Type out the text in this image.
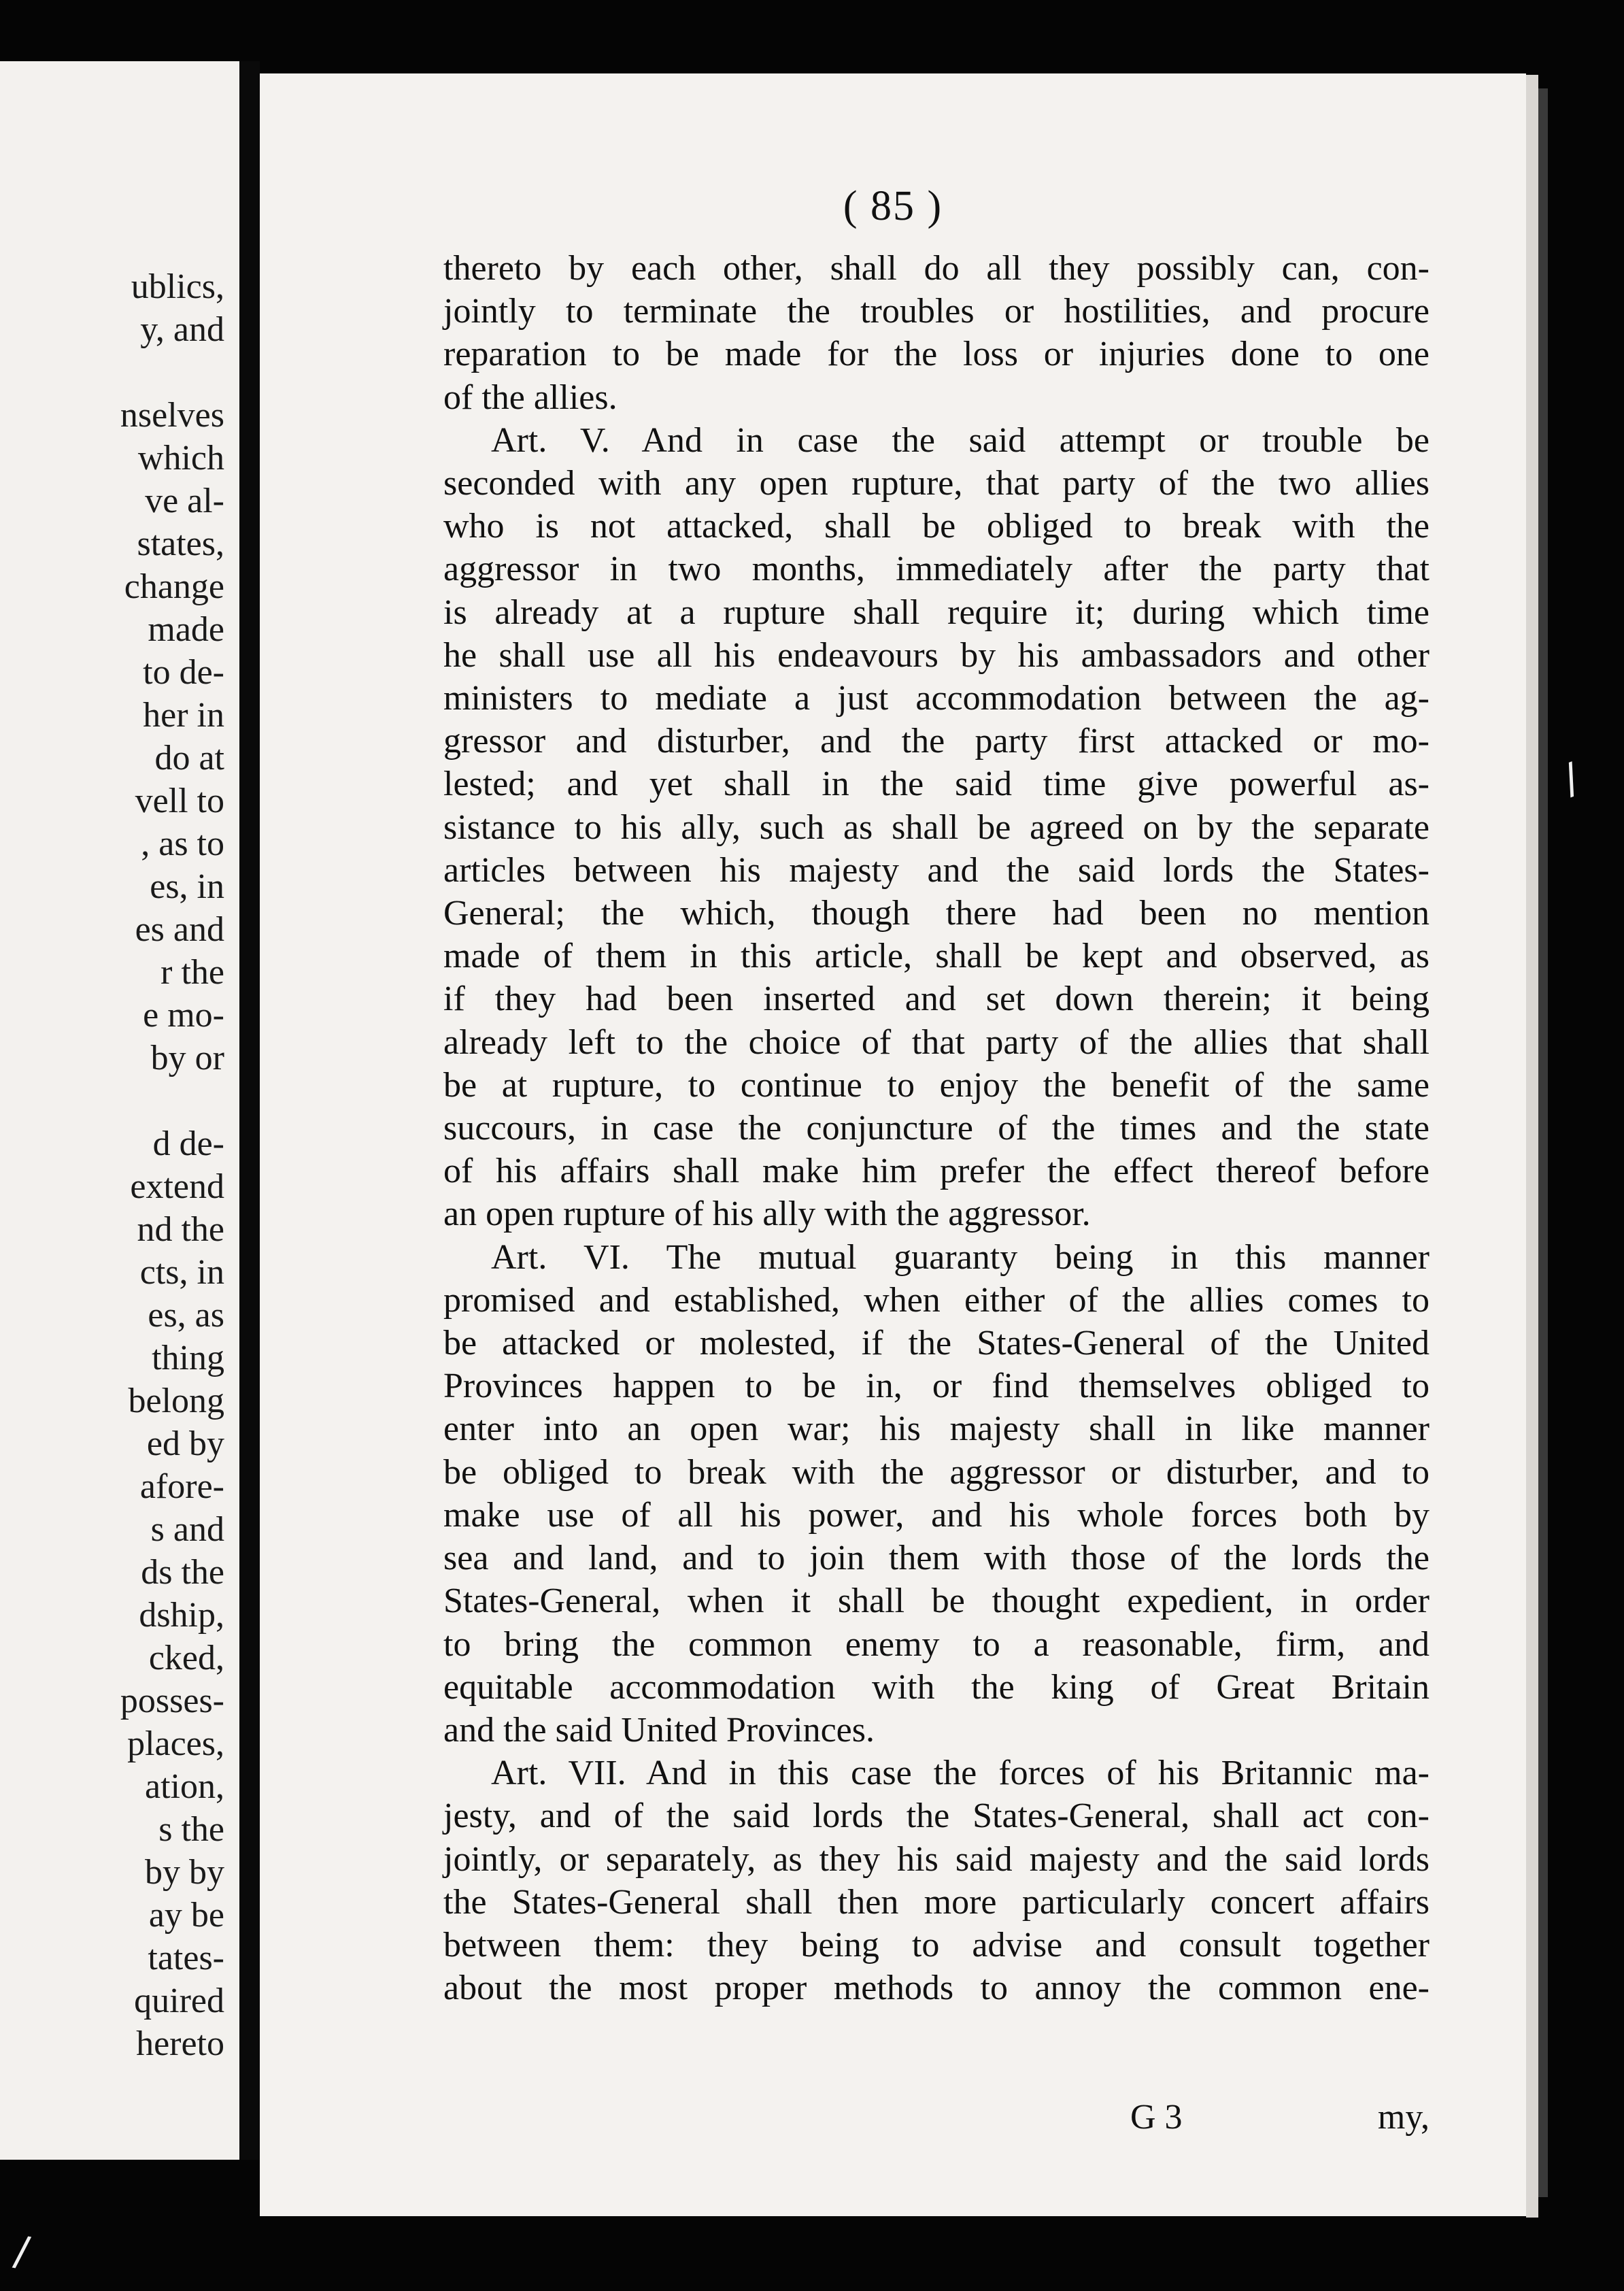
ublics,
y, and
nselves
which
ve al-
states,
change
made
to de-
her in
do at
vell to
, as to
es, in
es and
r the
e mo-
by or
d de-
extend
nd the
cts, in
es, as
thing
belong
ed by
afore-
s and
ds the
dship,
cked,
posses-
places,
ation,
s the
by by
ay be
tates-
quired
hereto
( 85 )
thereto by each other, shall do all they possibly can, con-
jointly to terminate the troubles or hostilities, and procure
reparation to be made for the loss or injuries done to one
of the allies.
Art. V. And in case the said attempt or trouble be
seconded with any open rupture, that party of the two allies
who is not attacked, shall be obliged to break with the
aggressor in two months, immediately after the party that
is already at a rupture shall require it; during which time
he shall use all his endeavours by his ambassadors and other
ministers to mediate a just accommodation between the ag-
gressor and disturber, and the party first attacked or mo-
lested; and yet shall in the said time give powerful as-
sistance to his ally, such as shall be agreed on by the separate
articles between his majesty and the said lords the States-
General; the which, though there had been no mention
made of them in this article, shall be kept and observed, as
if they had been inserted and set down therein; it being
already left to the choice of that party of the allies that shall
be at rupture, to continue to enjoy the benefit of the same
succours, in case the conjuncture of the times and the state
of his affairs shall make him prefer the effect thereof before
an open rupture of his ally with the aggressor.
Art. VI. The mutual guaranty being in this manner
promised and established, when either of the allies comes to
be attacked or molested, if the States-General of the United
Provinces happen to be in, or find themselves obliged to
enter into an open war; his majesty shall in like manner
be obliged to break with the aggressor or disturber, and to
make use of all his power, and his whole forces both by
sea and land, and to join them with those of the lords the
States-General, when it shall be thought expedient, in order
to bring the common enemy to a reasonable, firm, and
equitable accommodation with the king of Great Britain
and the said United Provinces.
Art. VII. And in this case the forces of his Britannic ma-
jesty, and of the said lords the States-General, shall act con-
jointly, or separately, as they his said majesty and the said lords
the States-General shall then more particularly concert affairs
between them: they being to advise and consult together
about the most proper methods to annoy the common ene-
G 3	my,
/
/
